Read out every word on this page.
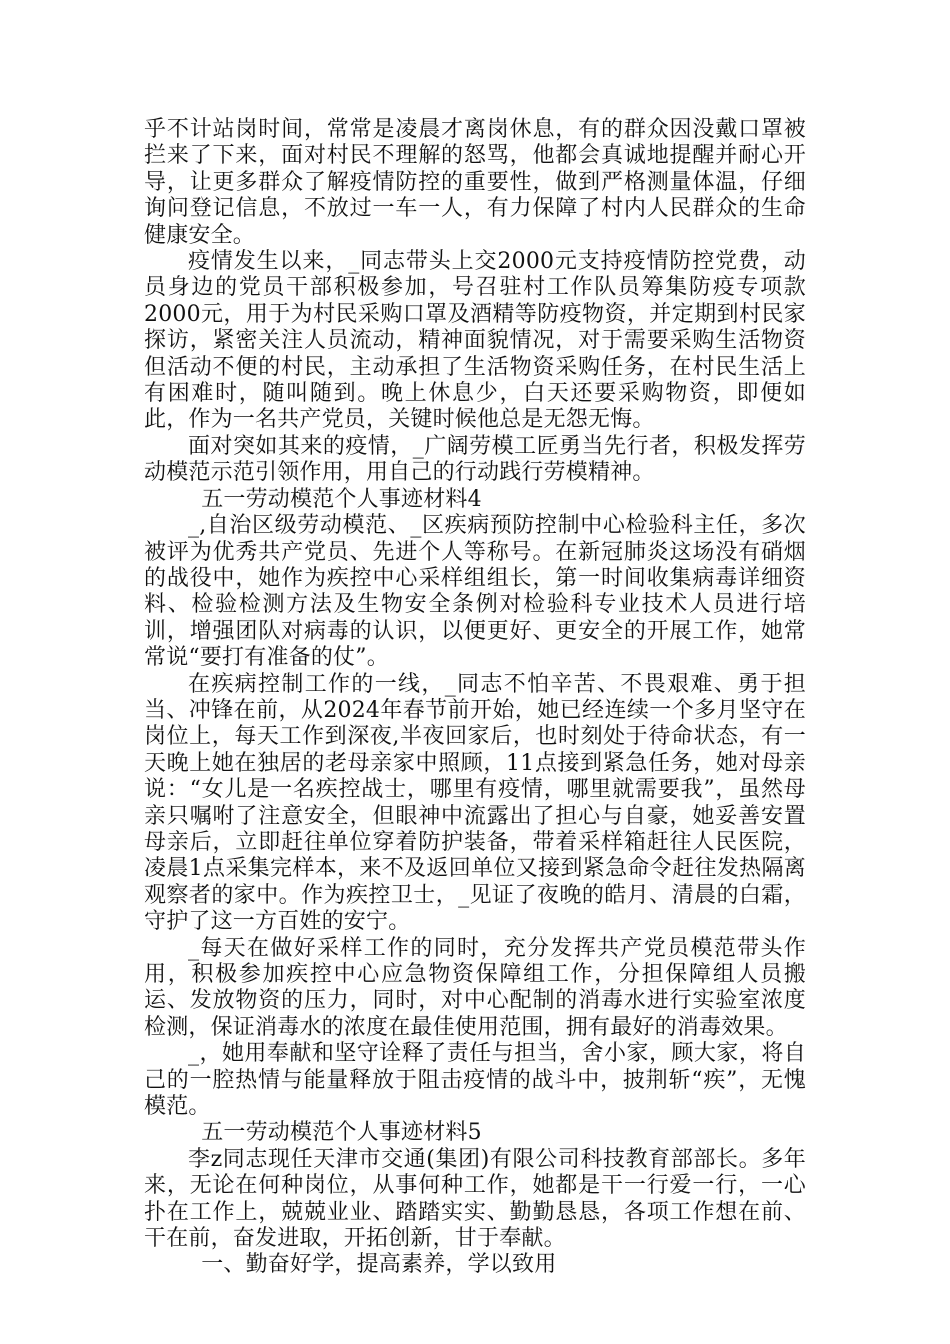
乎不计站岗时间，常常是凌晨才离岗休息，有的群众因没戴口罩被拦来了下来，面对村民不理解的怒骂，他都会真诚地提醒并耐心开导，让更多群众了解疫情防控的重要性，做到严格测量体温，仔细询问登记信息，不放过一车一人，有力保障了村内人民群众的生命健康安全。

疫情发生以来，_同志带头上交2000元支持疫情防控党费，动员身边的党员干部积极参加，号召驻村工作队员筹集防疫专项款2000元，用于为村民采购口罩及酒精等防疫物资，并定期到村民家探访，紧密关注人员流动，精神面貌情况，对于需要采购生活物资但活动不便的村民，主动承担了生活物资采购任务，在村民生活上有困难时，随叫随到。晚上休息少，白天还要采购物资，即便如此，作为一名共产党员，关键时候他总是无怨无悔。

面对突如其来的疫情，_广阔劳模工匠勇当先行者，积极发挥劳动模范示范引领作用，用自己的行动践行劳模精神。

五一劳动模范个人事迹材料4

_,自治区级劳动模范、_区疾病预防控制中心检验科主任，多次被评为优秀共产党员、先进个人等称号。在新冠肺炎这场没有硝烟的战役中，她作为疾控中心采样组组长，第一时间收集病毒详细资料、检验检测方法及生物安全条例对检验科专业技术人员进行培训，增强团队对病毒的认识，以便更好、更安全的开展工作，她常常说“要打有准备的仗”。

在疾病控制工作的一线，_同志不怕辛苦、不畏艰难、勇于担当、冲锋在前，从2024年春节前开始，她已经连续一个多月坚守在岗位上，每天工作到深夜,半夜回家后，也时刻处于待命状态，有一天晚上她在独居的老母亲家中照顾，11点接到紧急任务，她对母亲说：“女儿是一名疾控战士，哪里有疫情，哪里就需要我”，虽然母亲只嘱咐了注意安全，但眼神中流露出了担心与自豪，她妥善安置母亲后，立即赶往单位穿着防护装备，带着采样箱赶往人民医院，凌晨1点采集完样本，来不及返回单位又接到紧急命令赶往发热隔离观察者的家中。作为疾控卫士，_见证了夜晚的皓月、清晨的白霜，守护了这一方百姓的安宁。

_每天在做好采样工作的同时，充分发挥共产党员模范带头作用，积极参加疾控中心应急物资保障组工作，分担保障组人员搬运、发放物资的压力，同时，对中心配制的消毒水进行实验室浓度检测，保证消毒水的浓度在最佳使用范围，拥有最好的消毒效果。

_，她用奉献和坚守诠释了责任与担当，舍小家，顾大家，将自己的一腔热情与能量释放于阻击疫情的战斗中，披荆斩“疾”，无愧模范。

五一劳动模范个人事迹材料5

李z同志现任天津市交通(集团)有限公司科技教育部部长。多年来，无论在何种岗位，从事何种工作，她都是干一行爱一行，一心扑在工作上，兢兢业业、踏踏实实、勤勤恳恳，各项工作想在前、干在前，奋发进取，开拓创新，甘于奉献。

一、勤奋好学，提高素养，学以致用
